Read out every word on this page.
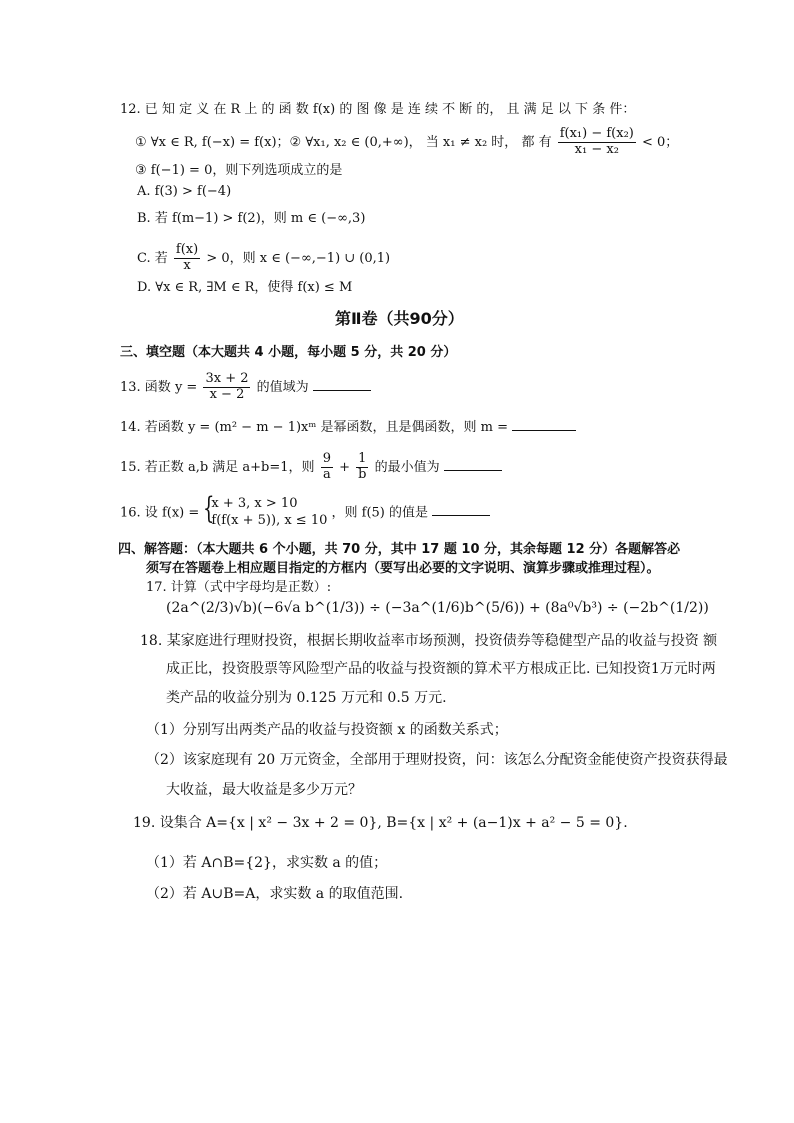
12. 已 知 定 义 在 R 上 的 函 数 f(x) 的 图 像 是 连 续 不 断 的， 且 满 足 以 下 条 件：
① ∀x ∈ R, f(−x) = f(x)；② ∀x₁, x₂ ∈ (0,+∞)， 当 x₁ ≠ x₂ 时， 都 有 $\frac{\text{f(x₁) − f(x₂)}}{\text{x₁ − x₂}} < 0$；
③ f(−1) = 0，则下列选项成立的是
A. f(3) > f(−4)
B. 若 f(m−1) > f(2)，则 m ∈ (−∞,3)
C. 若 $\frac{f(x)}{x} > 0$，则 x ∈ (−∞,−1) ∪ (0,1)
D. ∀x ∈ R, ∃M ∈ R，使得 f(x) ≤ M
第Ⅱ卷（共90分）
三、填空题（本大题共 4 小题，每小题 5 分，共 20 分）
13. 函数 $y = \frac{3x + 2}{x - 2}$ 的值域为
14. 若函数 y = (m² − m − 1)xᵐ 是幂函数，且是偶函数，则 m =
15. 若正数 a,b 满足 a+b=1，则 $\frac{9}{a} + \frac{1}{b}$ 的最小值为
16. 设 f(x) = {
x + 3, x > 10
f(f(x + 5)), x ≤ 10 ，则 f(5) 的值是
四、解答题：（本大题共 6 个小题，共 70 分，其中 17 题 10 分，其余每题 12 分）各题解答必
须写在答题卷上相应题目指定的方框内（要写出必要的文字说明、演算步骤或推理过程）。
17. 计算（式中字母均是正数）:
(2a^(2/3)√b)(−6√a b^(1/3)) ÷ (−3a^(1/6)b^(5/6)) + (8a⁰√b³) ÷ (−2b^(1/2))
18. 某家庭进行理财投资，根据长期收益率市场预测，投资债券等稳健型产品的收益与投资 额
成正比，投资股票等风险型产品的收益与投资额的算术平方根成正比. 已知投资1万元时两
类产品的收益分别为 0.125 万元和 0.5 万元.
（1）分别写出两类产品的收益与投资额 x 的函数关系式；
（2）该家庭现有 20 万元资金，全部用于理财投资，问：该怎么分配资金能使资产投资获得最
大收益，最大收益是多少万元？
19. 设集合 A={x | x² − 3x + 2 = 0}, B={x | x² + (a−1)x + a² − 5 = 0}.
（1）若 A∩B={2}，求实数 a 的值；
（2）若 A∪B=A，求实数 a 的取值范围.
